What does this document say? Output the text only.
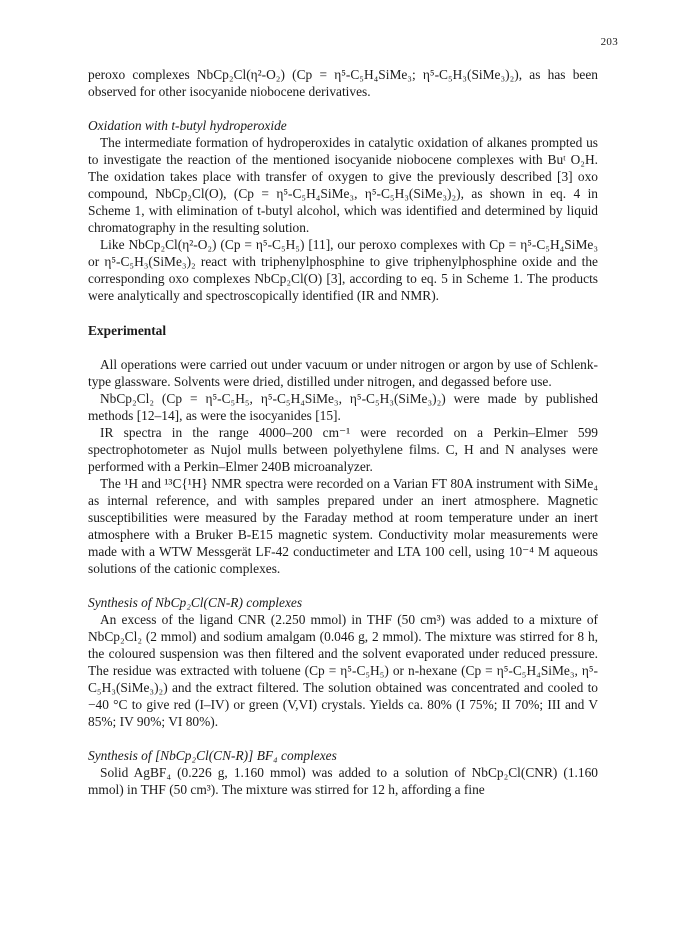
203

peroxo complexes NbCp₂Cl(η²-O₂) (Cp = η⁵-C₅H₄SiMe₃; η⁵-C₅H₃(SiMe₃)₂), as has been observed for other isocyanide niobocene derivatives.

Oxidation with t-butyl hydroperoxide

The intermediate formation of hydroperoxides in catalytic oxidation of alkanes prompted us to investigate the reaction of the mentioned isocyanide niobocene complexes with Buᵗ O₂H. The oxidation takes place with transfer of oxygen to give the previously described [3] oxo compound, NbCp₂Cl(O), (Cp = η⁵-C₅H₄SiMe₃, η⁵-C₅H₃(SiMe₃)₂), as shown in eq. 4 in Scheme 1, with elimination of t-butyl alcohol, which was identified and determined by liquid chromatography in the resulting solution.

Like NbCp₂Cl(η²-O₂) (Cp = η⁵-C₅H₅) [11], our peroxo complexes with Cp = η⁵-C₅H₄SiMe₃ or η⁵-C₅H₃(SiMe₃)₂ react with triphenylphosphine to give triphenylphosphine oxide and the corresponding oxo complexes NbCp₂Cl(O) [3], according to eq. 5 in Scheme 1. The products were analytically and spectroscopically identified (IR and NMR).

Experimental

All operations were carried out under vacuum or under nitrogen or argon by use of Schlenk-type glassware. Solvents were dried, distilled under nitrogen, and degassed before use.

NbCp₂Cl₂ (Cp = η⁵-C₅H₅, η⁵-C₅H₄SiMe₃, η⁵-C₅H₃(SiMe₃)₂) were made by published methods [12–14], as were the isocyanides [15].

IR spectra in the range 4000–200 cm⁻¹ were recorded on a Perkin–Elmer 599 spectrophotometer as Nujol mulls between polyethylene films. C, H and N analyses were performed with a Perkin–Elmer 240B microanalyzer.

The ¹H and ¹³C{¹H} NMR spectra were recorded on a Varian FT 80A instrument with SiMe₄ as internal reference, and with samples prepared under an inert atmosphere. Magnetic susceptibilities were measured by the Faraday method at room temperature under an inert atmosphere with a Bruker B-E15 magnetic system. Conductivity molar measurements were made with a WTW Messgerät LF-42 conductimeter and LTA 100 cell, using 10⁻⁴ M aqueous solutions of the cationic complexes.

Synthesis of NbCp₂Cl(CN-R) complexes

An excess of the ligand CNR (2.250 mmol) in THF (50 cm³) was added to a mixture of NbCp₂Cl₂ (2 mmol) and sodium amalgam (0.046 g, 2 mmol). The mixture was stirred for 8 h, the coloured suspension was then filtered and the solvent evaporated under reduced pressure. The residue was extracted with toluene (Cp = η⁵-C₅H₅) or n-hexane (Cp = η⁵-C₅H₄SiMe₃, η⁵-C₅H₃(SiMe₃)₂) and the extract filtered. The solution obtained was concentrated and cooled to −40 °C to give red (I–IV) or green (V,VI) crystals. Yields ca. 80% (I 75%; II 70%; III and V 85%; IV 90%; VI 80%).

Synthesis of [NbCp₂Cl(CN-R)] BF₄ complexes

Solid AgBF₄ (0.226 g, 1.160 mmol) was added to a solution of NbCp₂Cl(CNR) (1.160 mmol) in THF (50 cm³). The mixture was stirred for 12 h, affording a fine
